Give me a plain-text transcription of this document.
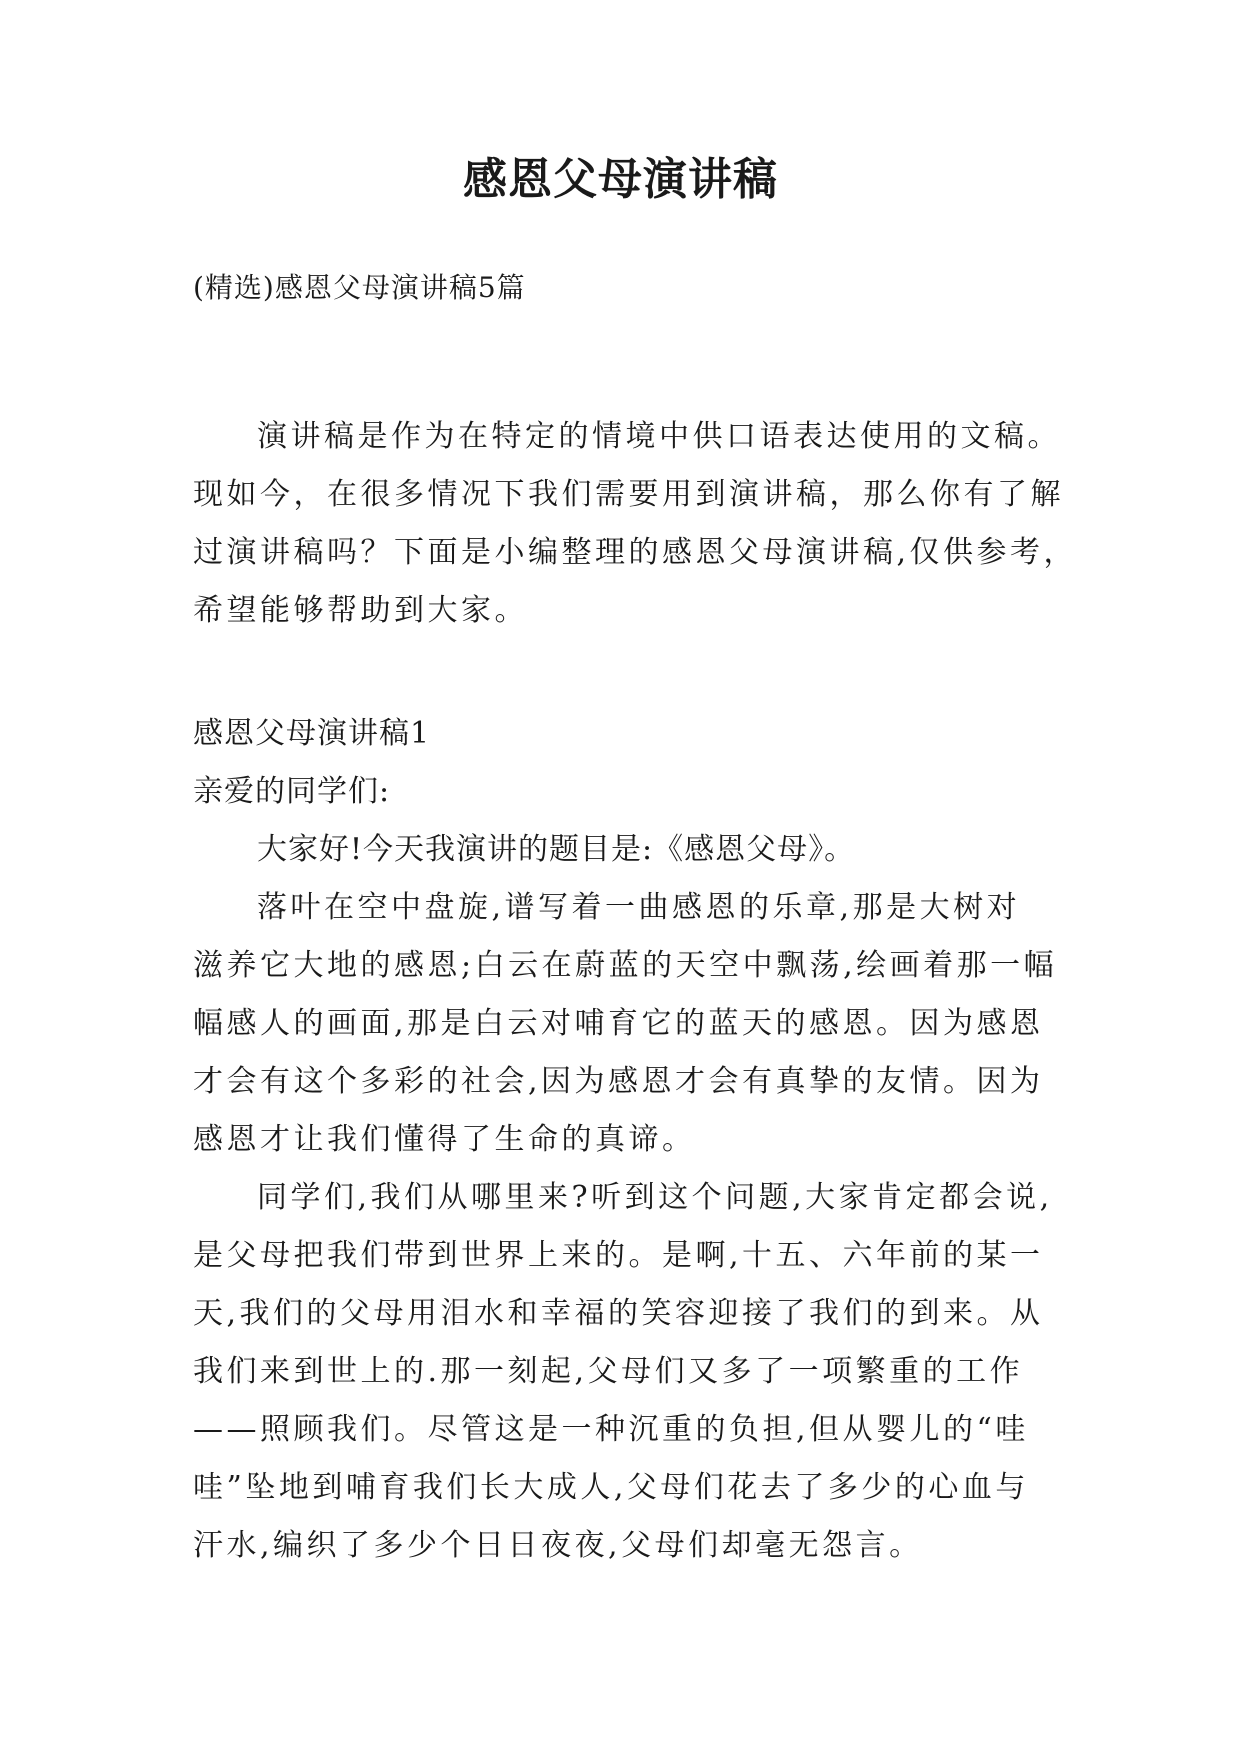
感恩父母演讲稿
(精选)感恩父母演讲稿5篇
演讲稿是作为在特定的情境中供口语表达使用的文稿。
现如今，在很多情况下我们需要用到演讲稿，那么你有了解
过演讲稿吗？下面是小编整理的感恩父母演讲稿,仅供参考，
希望能够帮助到大家。
感恩父母演讲稿1
亲爱的同学们:
大家好!今天我演讲的题目是:《感恩父母》。
落叶在空中盘旋,谱写着一曲感恩的乐章,那是大树对
滋养它大地的感恩;白云在蔚蓝的天空中飘荡,绘画着那一幅
幅感人的画面,那是白云对哺育它的蓝天的感恩。因为感恩
才会有这个多彩的社会,因为感恩才会有真挚的友情。因为
感恩才让我们懂得了生命的真谛。
同学们,我们从哪里来?听到这个问题,大家肯定都会说,
是父母把我们带到世界上来的。是啊,十五、六年前的某一
天,我们的父母用泪水和幸福的笑容迎接了我们的到来。从
我们来到世上的.那一刻起,父母们又多了一项繁重的工作
——照顾我们。尽管这是一种沉重的负担,但从婴儿的“哇
哇”坠地到哺育我们长大成人,父母们花去了多少的心血与
汗水,编织了多少个日日夜夜,父母们却毫无怨言。
